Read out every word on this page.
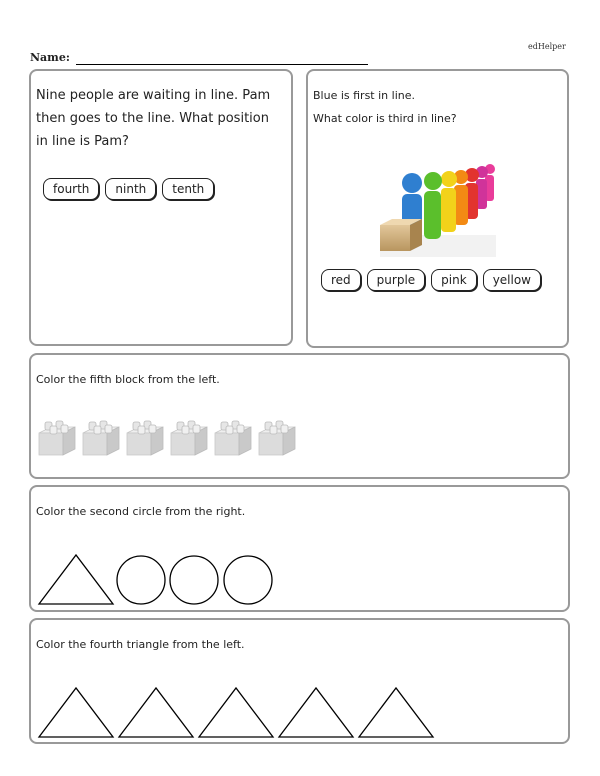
edHelper
Name:

Nine people are waiting in line. Pam then goes to the line. What position in line is Pam?

fourth	ninth	tenth

Blue is first in line.

What color is third in line?

red	purple	pink	yellow

Color the fifth block from the left.

Color the second circle from the right.

Color the fourth triangle from the left.
